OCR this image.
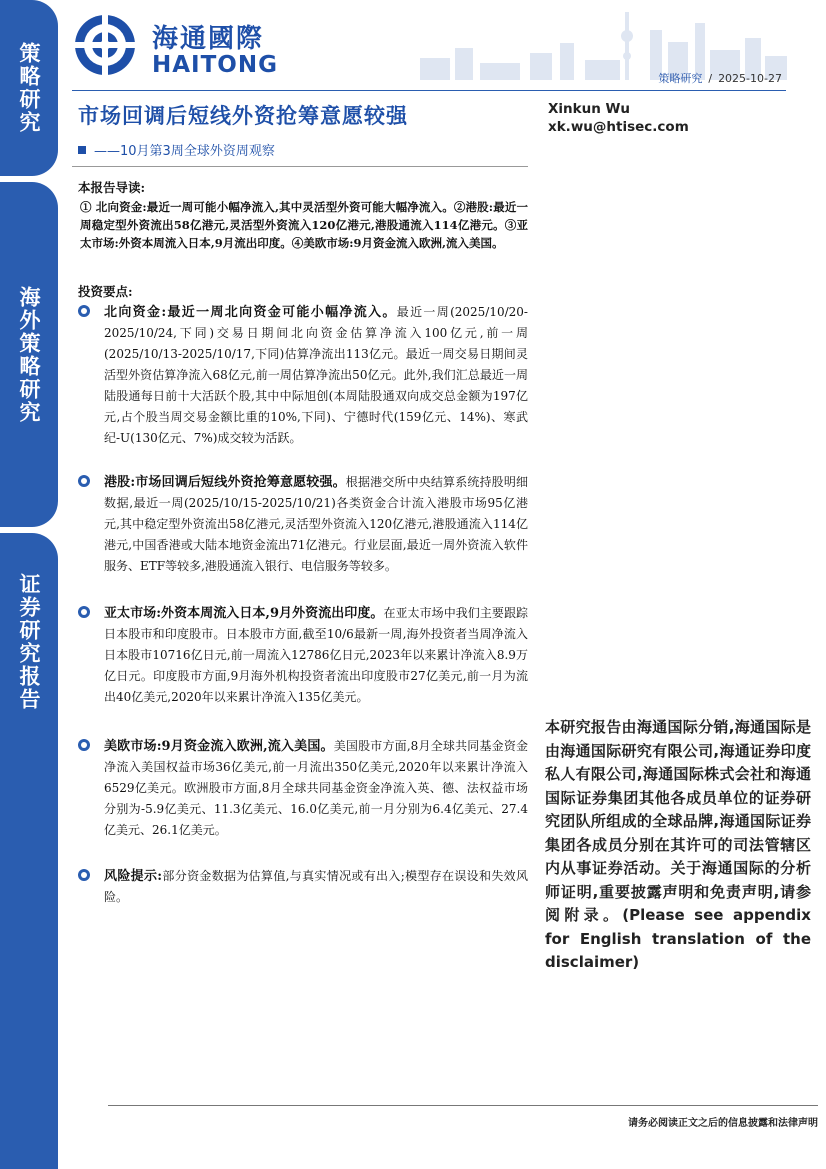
策略研究
海外策略研究
证券研究报告
海通國際
HAITONG
策略研究 / 2025-10-27
市场回调后短线外资抢筹意愿较强
——10月第3周全球外资周观察
Xinkun Wu
xk.wu@htisec.com
本报告导读:
① 北向资金:最近一周可能小幅净流入,其中灵活型外资可能大幅净流入。②港股:最近一周稳定型外资流出58亿港元,灵活型外资流入120亿港元,港股通流入114亿港元。③亚太市场:外资本周流入日本,9月流出印度。④美欧市场:9月资金流入欧洲,流入美国。
投资要点:

北向资金:最近一周北向资金可能小幅净流入。最近一周(2025/10/20-2025/10/24,下同)交易日期间北向资金估算净流入100亿元,前一周(2025/10/13-2025/10/17,下同)估算净流出113亿元。最近一周交易日期间灵活型外资估算净流入68亿元,前一周估算净流出50亿元。此外,我们汇总最近一周陆股通每日前十大活跃个股,其中中际旭创(本周陆股通双向成交总金额为197亿元,占个股当周交易金额比重的10%,下同)、宁德时代(159亿元、14%)、寒武纪-U(130亿元、7%)成交较为活跃。

港股:市场回调后短线外资抢筹意愿较强。根据港交所中央结算系统持股明细数据,最近一周(2025/10/15-2025/10/21)各类资金合计流入港股市场95亿港元,其中稳定型外资流出58亿港元,灵活型外资流入120亿港元,港股通流入114亿港元,中国香港或大陆本地资金流出71亿港元。行业层面,最近一周外资流入软件服务、ETF等较多,港股通流入银行、电信服务等较多。

亚太市场:外资本周流入日本,9月外资流出印度。在亚太市场中我们主要跟踪日本股市和印度股市。日本股市方面,截至10/6最新一周,海外投资者当周净流入日本股市10716亿日元,前一周流入12786亿日元,2023年以来累计净流入8.9万亿日元。印度股市方面,9月海外机构投资者流出印度股市27亿美元,前一月为流出40亿美元,2020年以来累计净流入135亿美元。

美欧市场:9月资金流入欧洲,流入美国。美国股市方面,8月全球共同基金资金净流入美国权益市场36亿美元,前一月流出350亿美元,2020年以来累计净流入6529亿美元。欧洲股市方面,8月全球共同基金资金净流入英、德、法权益市场分别为-5.9亿美元、11.3亿美元、16.0亿美元,前一月分别为6.4亿美元、27.4亿美元、26.1亿美元。

风险提示:部分资金数据为估算值,与真实情况或有出入;模型存在误设和失效风险。

本研究报告由海通国际分销,海通国际是由海通国际研究有限公司,海通证券印度私人有限公司,海通国际株式会社和海通国际证券集团其他各成员单位的证券研究团队所组成的全球品牌,海通国际证券集团各成员分别在其许可的司法管辖区内从事证券活动。关于海通国际的分析师证明,重要披露声明和免责声明,请参阅附录。(Please see appendix for English translation of the disclaimer)
请务必阅读正文之后的信息披露和法律声明
